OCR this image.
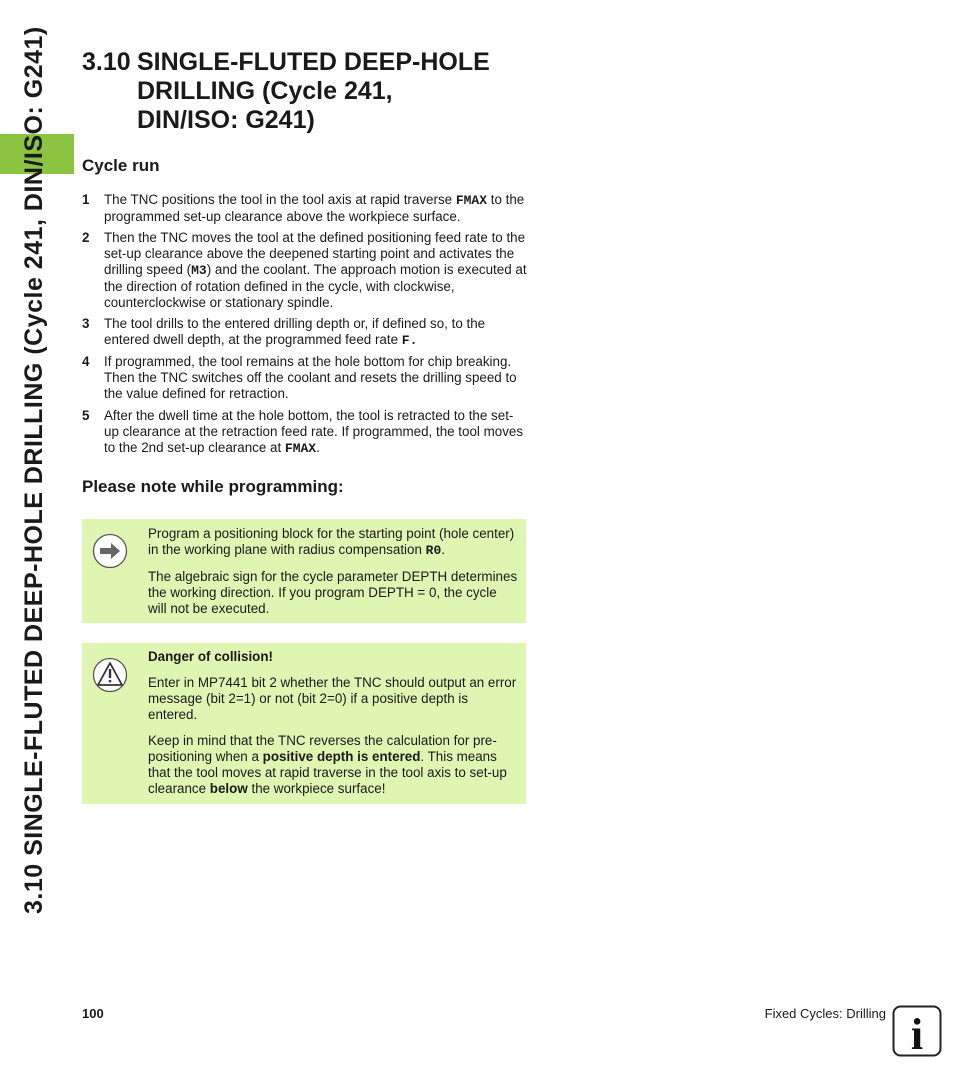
3.10 SINGLE-FLUTED DEEP-HOLE DRILLING (Cycle 241, DIN/ISO: G241) 3.10 SINGLE-FLUTED DEEP-HOLE
DRILLING (Cycle 241,
DIN/ISO: G241)
Cycle run
1	The TNC positions the tool in the tool axis at rapid traverse FMAX to the programmed set-up clearance above the workpiece surface.
2	Then the TNC moves the tool at the defined positioning feed rate to the set-up clearance above the deepened starting point and activates the drilling speed (M3) and the coolant. The approach motion is executed at the direction of rotation defined in the cycle, with clockwise, counterclockwise or stationary spindle.
3	The tool drills to the entered drilling depth or, if defined so, to the entered dwell depth, at the programmed feed rate F.
4	If programmed, the tool remains at the hole bottom for chip breaking. Then the TNC switches off the coolant and resets the drilling speed to the value defined for retraction.
5	After the dwell time at the hole bottom, the tool is retracted to the set-up clearance at the retraction feed rate. If programmed, the tool moves to the 2nd set-up clearance at FMAX.
Please note while programming:

Program a positioning block for the starting point (hole center) in the working plane with radius compensation R0.

The algebraic sign for the cycle parameter DEPTH determines the working direction. If you program DEPTH = 0, the cycle will not be executed.

Danger of collision!

Enter in MP7441 bit 2 whether the TNC should output an error message (bit 2=1) or not (bit 2=0) if a positive depth is entered.

Keep in mind that the TNC reverses the calculation for pre-positioning when a positive depth is entered. This means that the tool moves at rapid traverse in the tool axis to set-up clearance below the workpiece surface!

100	Fixed Cycles: Drilling i
